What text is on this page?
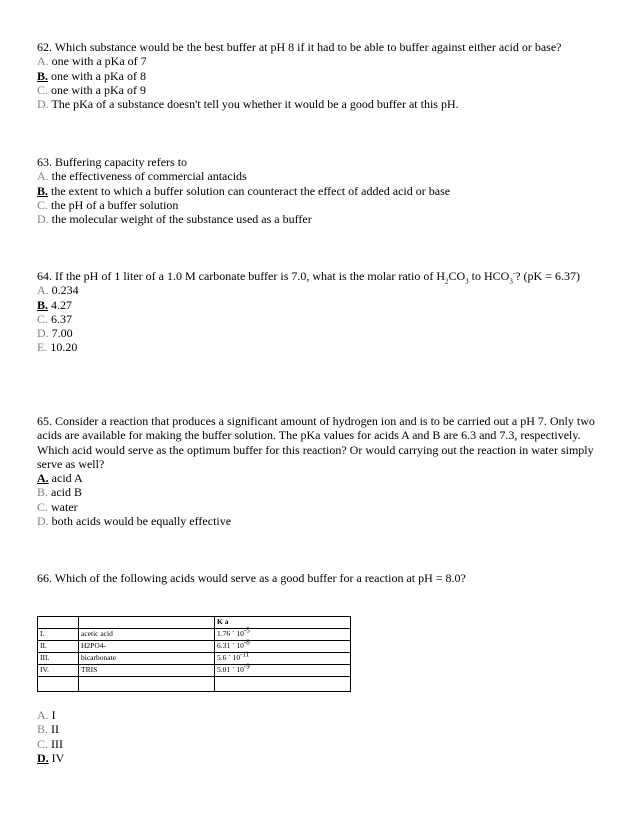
62. Which substance would be the best buffer at pH 8 if it had to be able to buffer against either acid or base?

A. one with a pKa of 7

B. one with a pKa of 8

C. one with a pKa of 9

D. The pKa of a substance doesn't tell you whether it would be a good buffer at this pH.

63. Buffering capacity refers to

A. the effectiveness of commercial antacids

B. the extent to which a buffer solution can counteract the effect of added acid or base

C. the pH of a buffer solution

D. the molecular weight of the substance used as a buffer

64. If the pH of 1 liter of a 1.0 M carbonate buffer is 7.0, what is the molar ratio of $H_2CO_3$ to $HCO_3^-$? (pK = 6.37)

A. 0.234

B. 4.27

C. 6.37

D. 7.00

E. 10.20

65. Consider a reaction that produces a significant amount of hydrogen ion and is to be carried out a pH 7. Only two acids are available for making the buffer solution. The pKa values for acids A and B are 6.3 and 7.3, respectively. Which acid would serve as the optimum buffer for this reaction? Or would carrying out the reaction in water simply serve as well?

A. acid A

B. acid B

C. water

D. both acids would be equally effective

66. Which of the following acids would serve as a good buffer for a reaction at pH = 8.0?

		K a
I.	acetic acid	1.76 ´ $10^{-5}$
II.	H2PO4-	6.31 ´ $10^{-8}$
III.	bicarbonate	5.6 ´ $10^{-11}$
IV.	TRIS	5.01 ´ $10^{-9}$

A. I

B. II

C. III

D. IV
